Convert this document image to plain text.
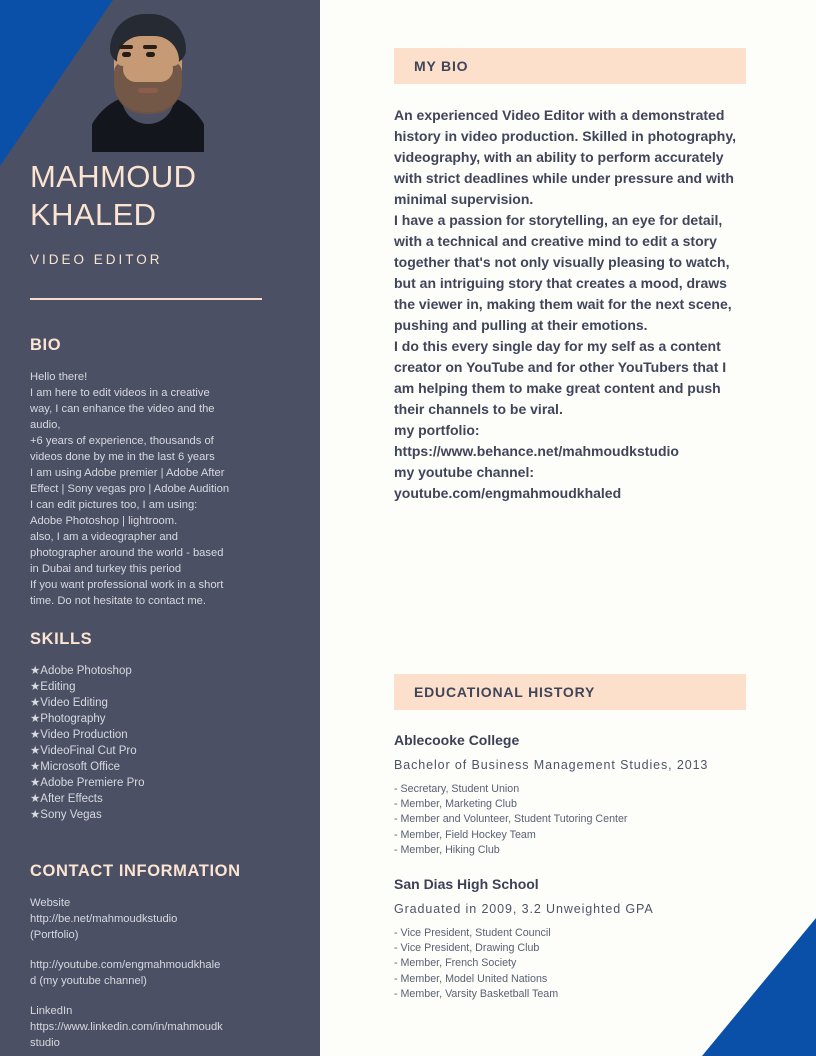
MAHMOUD
KHALED
VIDEO EDITOR
BIO
Hello there!
I am here to edit videos in a creative
way, I can enhance the video and the
audio,
+6 years of experience, thousands of
videos done by me in the last 6 years
I am using Adobe premier | Adobe After
Effect | Sony vegas pro | Adobe Audition
I can edit pictures too, I am using:
Adobe Photoshop | lightroom.
also, I am a videographer and
photographer around the world - based
in Dubai and turkey this period
If you want professional work in a short
time. Do not hesitate to contact me.
SKILLS
★Adobe Photoshop
★Editing
★Video Editing
★Photography
★Video Production
★VideoFinal Cut Pro
★Microsoft Office
★Adobe Premiere Pro
★After Effects
★Sony Vegas
CONTACT INFORMATION
Website
http://be.net/mahmoudkstudio
(Portfolio)
http://youtube.com/engmahmoudkhale
d (my youtube channel)
LinkedIn
https://www.linkedin.com/in/mahmoudk
studio
MY BIO

An experienced Video Editor with a demonstrated history in video production. Skilled in photography, videography, with an ability to perform accurately with strict deadlines while under pressure and with minimal supervision.

I have a passion for storytelling, an eye for detail, with a technical and creative mind to edit a story together that's not only visually pleasing to watch, but an intriguing story that creates a mood, draws the viewer in, making them wait for the next scene, pushing and pulling at their emotions.

I do this every single day for my self as a content creator on YouTube and for other YouTubers that I am helping them to make great content and push their channels to be viral.

my portfolio: https://www.behance.net/mahmoudkstudio

my youtube channel: youtube.com/engmahmoudkhaled

EDUCATIONAL HISTORY
Ablecooke College
Bachelor of Business Management Studies, 2013
- Secretary, Student Union
- Member, Marketing Club
- Member and Volunteer, Student Tutoring Center
- Member, Field Hockey Team
- Member, Hiking Club
San Dias High School
Graduated in 2009, 3.2 Unweighted GPA
- Vice President, Student Council
- Vice President, Drawing Club
- Member, French Society
- Member, Model United Nations
- Member, Varsity Basketball Team
